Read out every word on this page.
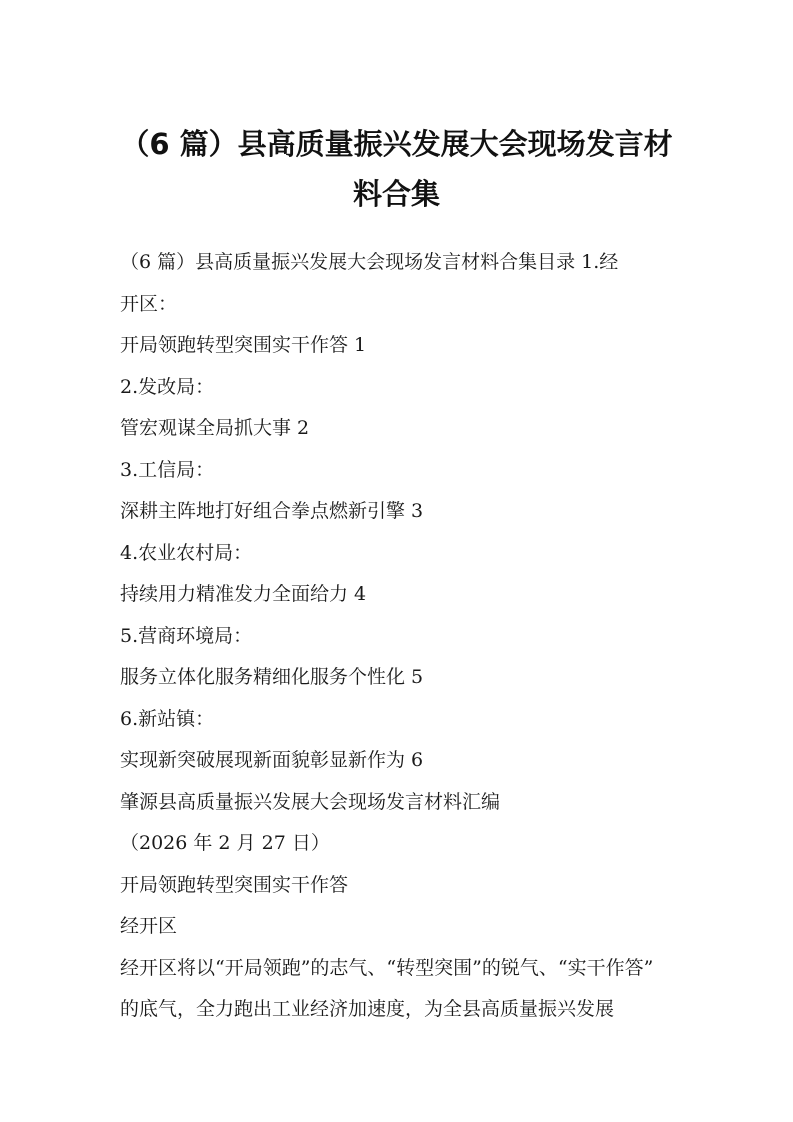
（6 篇）县高质量振兴发展大会现场发言材
料合集
（6 篇）县高质量振兴发展大会现场发言材料合集目录 1.经
开区：
开局领跑转型突围实干作答 1
2.发改局：
管宏观谋全局抓大事 2
3.工信局：
深耕主阵地打好组合拳点燃新引擎 3
4.农业农村局：
持续用力精准发力全面给力 4
5.营商环境局：
服务立体化服务精细化服务个性化 5
6.新站镇：
实现新突破展现新面貌彰显新作为 6
肇源县高质量振兴发展大会现场发言材料汇编
（2026 年 2 月 27 日）
开局领跑转型突围实干作答
经开区
经开区将以“开局领跑”的志气、“转型突围”的锐气、“实干作答”
的底气，全力跑出工业经济加速度，为全县高质量振兴发展
